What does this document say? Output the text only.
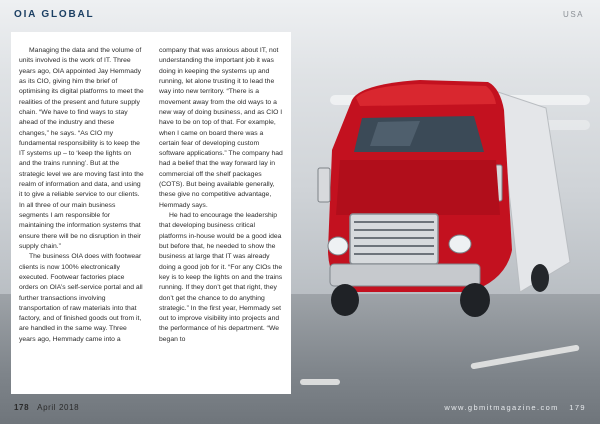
OIA GLOBAL	USA

Managing the data and the volume of units involved is the work of IT. Three years ago, OIA appointed Jay Hemmady as its CIO, giving him the brief of optimising its digital platforms to meet the realities of the present and future supply chain. “We have to find ways to stay ahead of the industry and these changes,” he says. “As CIO my fundamental responsibility is to keep the IT systems up – to ‘keep the lights on and the trains running’. But at the strategic level we are moving fast into the realm of information and data, and using it to give a reliable service to our clients. In all three of our main business segments I am responsible for maintaining the information systems that ensure there will be no disruption in their supply chain.”

The business OIA does with footwear clients is now 100% electronically executed. Footwear factories place orders on OIA’s self-service portal and all further transactions involving transportation of raw materials into that factory, and of finished goods out from it, are handled in the same way. Three years ago, Hemmady came into a

company that was anxious about IT, not understanding the important job it was doing in keeping the systems up and running, let alone trusting it to lead the way into new territory. “There is a movement away from the old ways to a new way of doing business, and as CIO I have to be on top of that. For example, when I came on board there was a certain fear of developing custom software applications.” The company had had a belief that the way forward lay in commercial off the shelf packages (COTS). But being available generally, these give no competitive advantage, Hemmady says.

He had to encourage the leadership that developing business critical platforms in-house would be a good idea but before that, he needed to show the business at large that IT was already doing a good job for it. “For any CIOs the key is to keep the lights on and the trains running. If they don’t get that right, they don’t get the chance to do anything strategic.” In the first year, Hemmady set out to improve visibility into projects and the performance of his department. “We began to

178 April 2018	www.gbmitmagazine.com 179
